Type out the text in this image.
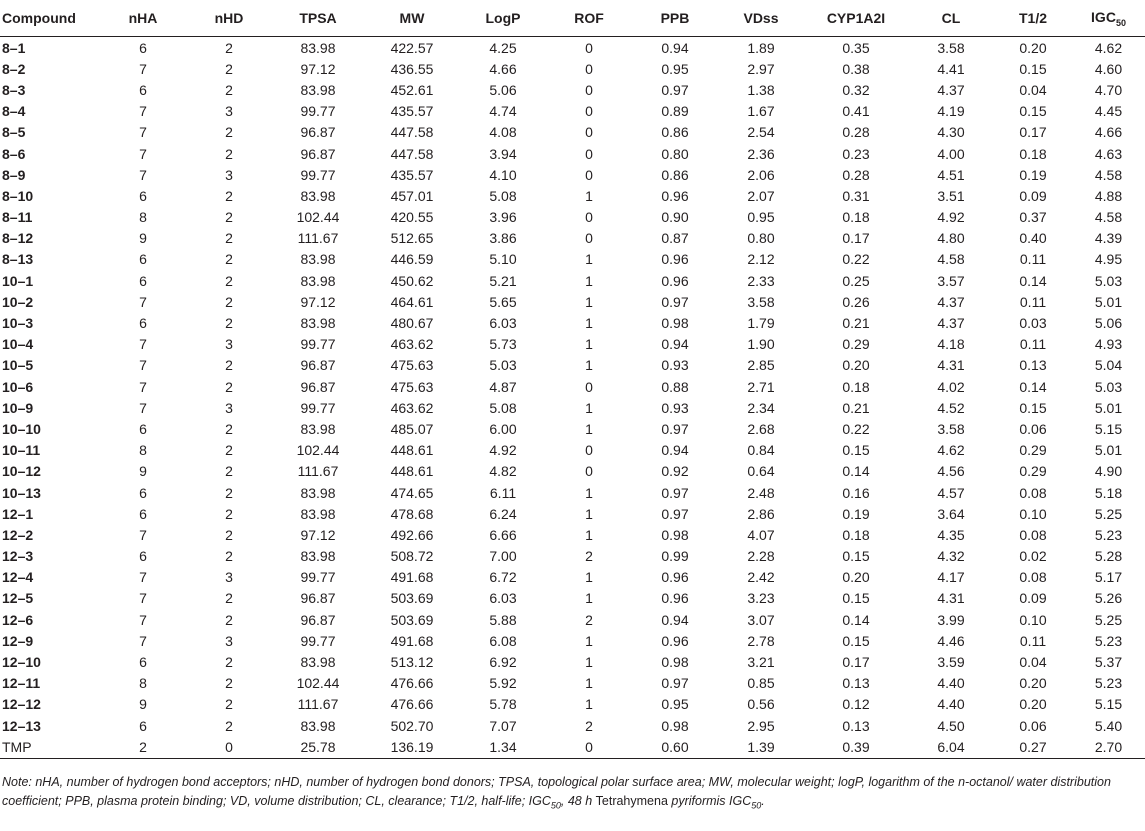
Compound	nHA	nHD	TPSA	MW	LogP	ROF	PPB	VDss	CYP1A2I	CL	T1/2	$IGC_{50}$
8–1	6	2	83.98	422.57	4.25	0	0.94	1.89	0.35	3.58	0.20	4.62
8–2	7	2	97.12	436.55	4.66	0	0.95	2.97	0.38	4.41	0.15	4.60
8–3	6	2	83.98	452.61	5.06	0	0.97	1.38	0.32	4.37	0.04	4.70
8–4	7	3	99.77	435.57	4.74	0	0.89	1.67	0.41	4.19	0.15	4.45
8–5	7	2	96.87	447.58	4.08	0	0.86	2.54	0.28	4.30	0.17	4.66
8–6	7	2	96.87	447.58	3.94	0	0.80	2.36	0.23	4.00	0.18	4.63
8–9	7	3	99.77	435.57	4.10	0	0.86	2.06	0.28	4.51	0.19	4.58
8–10	6	2	83.98	457.01	5.08	1	0.96	2.07	0.31	3.51	0.09	4.88
8–11	8	2	102.44	420.55	3.96	0	0.90	0.95	0.18	4.92	0.37	4.58
8–12	9	2	111.67	512.65	3.86	0	0.87	0.80	0.17	4.80	0.40	4.39
8–13	6	2	83.98	446.59	5.10	1	0.96	2.12	0.22	4.58	0.11	4.95
10–1	6	2	83.98	450.62	5.21	1	0.96	2.33	0.25	3.57	0.14	5.03
10–2	7	2	97.12	464.61	5.65	1	0.97	3.58	0.26	4.37	0.11	5.01
10–3	6	2	83.98	480.67	6.03	1	0.98	1.79	0.21	4.37	0.03	5.06
10–4	7	3	99.77	463.62	5.73	1	0.94	1.90	0.29	4.18	0.11	4.93
10–5	7	2	96.87	475.63	5.03	1	0.93	2.85	0.20	4.31	0.13	5.04
10–6	7	2	96.87	475.63	4.87	0	0.88	2.71	0.18	4.02	0.14	5.03
10–9	7	3	99.77	463.62	5.08	1	0.93	2.34	0.21	4.52	0.15	5.01
10–10	6	2	83.98	485.07	6.00	1	0.97	2.68	0.22	3.58	0.06	5.15
10–11	8	2	102.44	448.61	4.92	0	0.94	0.84	0.15	4.62	0.29	5.01
10–12	9	2	111.67	448.61	4.82	0	0.92	0.64	0.14	4.56	0.29	4.90
10–13	6	2	83.98	474.65	6.11	1	0.97	2.48	0.16	4.57	0.08	5.18
12–1	6	2	83.98	478.68	6.24	1	0.97	2.86	0.19	3.64	0.10	5.25
12–2	7	2	97.12	492.66	6.66	1	0.98	4.07	0.18	4.35	0.08	5.23
12–3	6	2	83.98	508.72	7.00	2	0.99	2.28	0.15	4.32	0.02	5.28
12–4	7	3	99.77	491.68	6.72	1	0.96	2.42	0.20	4.17	0.08	5.17
12–5	7	2	96.87	503.69	6.03	1	0.96	3.23	0.15	4.31	0.09	5.26
12–6	7	2	96.87	503.69	5.88	2	0.94	3.07	0.14	3.99	0.10	5.25
12–9	7	3	99.77	491.68	6.08	1	0.96	2.78	0.15	4.46	0.11	5.23
12–10	6	2	83.98	513.12	6.92	1	0.98	3.21	0.17	3.59	0.04	5.37
12–11	8	2	102.44	476.66	5.92	1	0.97	0.85	0.13	4.40	0.20	5.23
12–12	9	2	111.67	476.66	5.78	1	0.95	0.56	0.12	4.40	0.20	5.15
12–13	6	2	83.98	502.70	7.07	2	0.98	2.95	0.13	4.50	0.06	5.40
TMP	2	0	25.78	136.19	1.34	0	0.60	1.39	0.39	6.04	0.27	2.70
Note: nHA, number of hydrogen bond acceptors; nHD, number of hydrogen bond donors; TPSA, topological polar surface area; MW, molecular weight; logP, logarithm of the n-octanol/ water distribution coefficient; PPB, plasma protein binding; VD, volume distribution; CL, clearance; T1/2, half-life; $IGC_{50}$, 48 h Tetrahymena pyriformis $IGC_{50}$.
